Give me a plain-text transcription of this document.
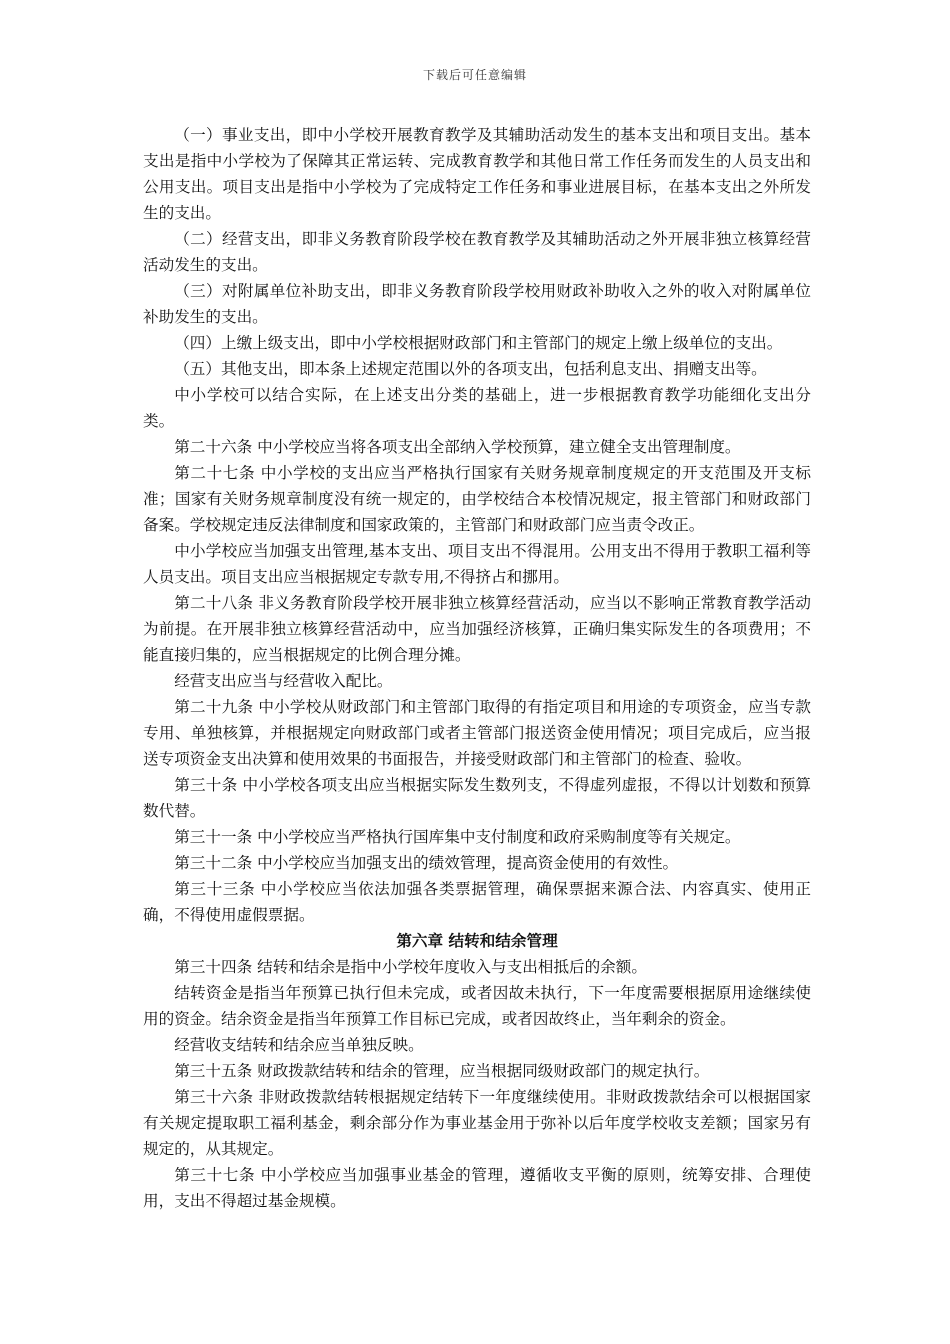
下载后可任意编辑

（一）事业支出，即中小学校开展教育教学及其辅助活动发生的基本支出和项目支出。基本支出是指中小学校为了保障其正常运转、完成教育教学和其他日常工作任务而发生的人员支出和公用支出。项目支出是指中小学校为了完成特定工作任务和事业进展目标，在基本支出之外所发生的支出。

（二）经营支出，即非义务教育阶段学校在教育教学及其辅助活动之外开展非独立核算经营活动发生的支出。

（三）对附属单位补助支出，即非义务教育阶段学校用财政补助收入之外的收入对附属单位补助发生的支出。

（四）上缴上级支出，即中小学校根据财政部门和主管部门的规定上缴上级单位的支出。

（五）其他支出，即本条上述规定范围以外的各项支出，包括利息支出、捐赠支出等。

中小学校可以结合实际，在上述支出分类的基础上，进一步根据教育教学功能细化支出分类。

第二十六条 中小学校应当将各项支出全部纳入学校预算，建立健全支出管理制度。

第二十七条 中小学校的支出应当严格执行国家有关财务规章制度规定的开支范围及开支标准；国家有关财务规章制度没有统一规定的，由学校结合本校情况规定，报主管部门和财政部门备案。学校规定违反法律制度和国家政策的，主管部门和财政部门应当责令改正。

中小学校应当加强支出管理,基本支出、项目支出不得混用。公用支出不得用于教职工福利等人员支出。项目支出应当根据规定专款专用,不得挤占和挪用。

第二十八条 非义务教育阶段学校开展非独立核算经营活动，应当以不影响正常教育教学活动为前提。在开展非独立核算经营活动中，应当加强经济核算，正确归集实际发生的各项费用；不能直接归集的，应当根据规定的比例合理分摊。

经营支出应当与经营收入配比。

第二十九条 中小学校从财政部门和主管部门取得的有指定项目和用途的专项资金，应当专款专用、单独核算，并根据规定向财政部门或者主管部门报送资金使用情况；项目完成后，应当报送专项资金支出决算和使用效果的书面报告，并接受财政部门和主管部门的检查、验收。

第三十条 中小学校各项支出应当根据实际发生数列支，不得虚列虚报，不得以计划数和预算数代替。

第三十一条 中小学校应当严格执行国库集中支付制度和政府采购制度等有关规定。

第三十二条 中小学校应当加强支出的绩效管理，提高资金使用的有效性。

第三十三条 中小学校应当依法加强各类票据管理，确保票据来源合法、内容真实、使用正确，不得使用虚假票据。

第六章 结转和结余管理

第三十四条 结转和结余是指中小学校年度收入与支出相抵后的余额。

结转资金是指当年预算已执行但未完成，或者因故未执行，下一年度需要根据原用途继续使用的资金。结余资金是指当年预算工作目标已完成，或者因故终止，当年剩余的资金。

经营收支结转和结余应当单独反映。

第三十五条 财政拨款结转和结余的管理，应当根据同级财政部门的规定执行。

第三十六条 非财政拨款结转根据规定结转下一年度继续使用。非财政拨款结余可以根据国家有关规定提取职工福利基金，剩余部分作为事业基金用于弥补以后年度学校收支差额；国家另有规定的，从其规定。

第三十七条 中小学校应当加强事业基金的管理，遵循收支平衡的原则，统筹安排、合理使用，支出不得超过基金规模。
